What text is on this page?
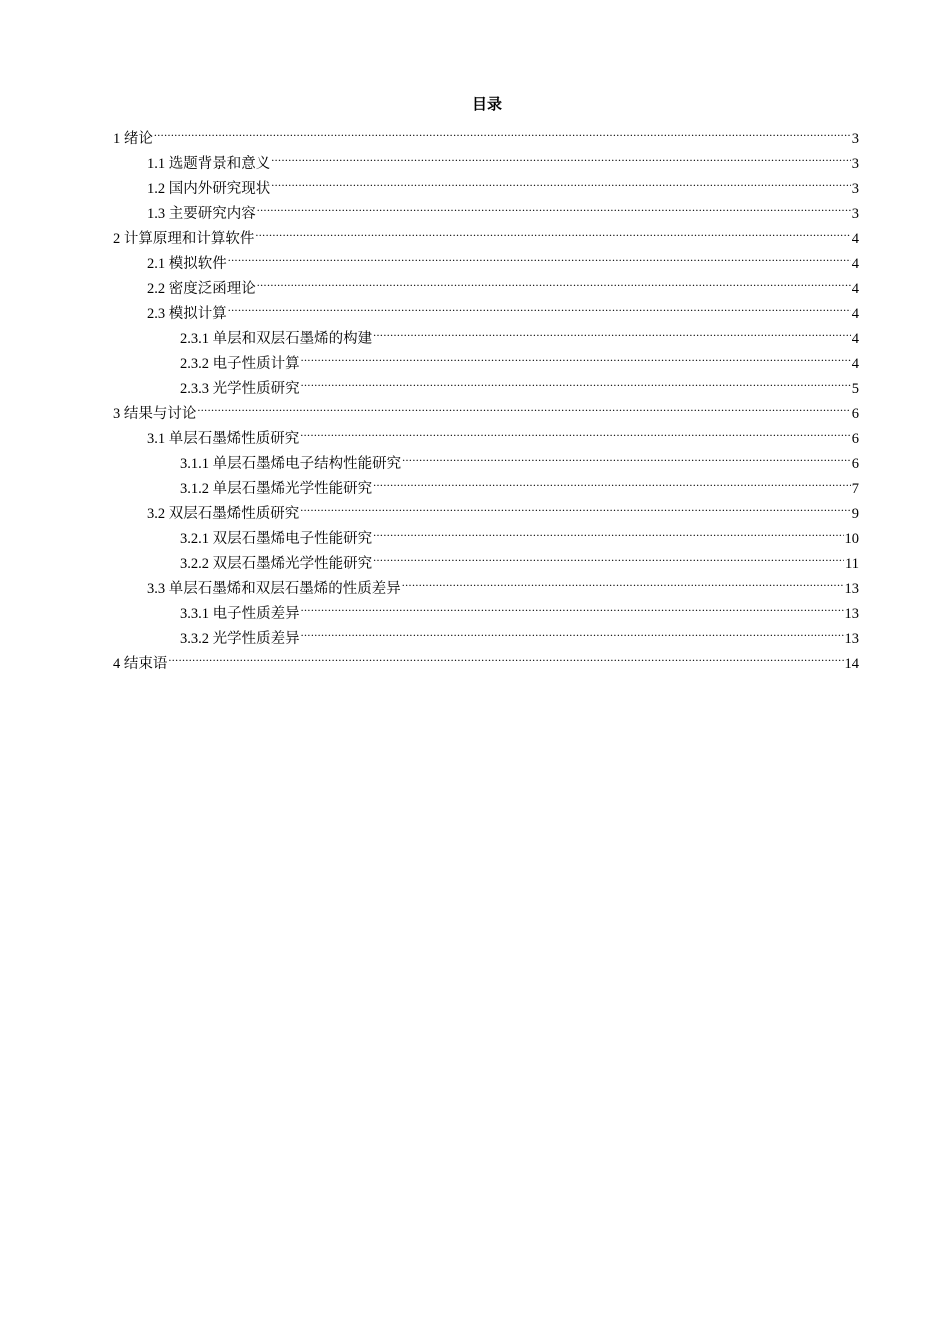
目录
1 绪论 .....	3
1.1 选题背景和意义 .....	3
1.2 国内外研究现状 .....	3
1.3 主要研究内容 .....	3
2 计算原理和计算软件 .....	4
2.1 模拟软件 .....	4
2.2 密度泛函理论 .....	4
2.3 模拟计算 .....	4
2.3.1 单层和双层石墨烯的构建 .....	4
2.3.2 电子性质计算 .....	4
2.3.3 光学性质研究 .....	5
3 结果与讨论 .....	6
3.1 单层石墨烯性质研究 .....	6
3.1.1 单层石墨烯电子结构性能研究 .....	6
3.1.2 单层石墨烯光学性能研究 .....	7
3.2 双层石墨烯性质研究 .....	9
3.2.1 双层石墨烯电子性能研究 .....	10
3.2.2 双层石墨烯光学性能研究 .....	11
3.3 单层石墨烯和双层石墨烯的性质差异 .....	13
3.3.1 电子性质差异 .....	13
3.3.2 光学性质差异 .....	13
4 结束语 .....	14
